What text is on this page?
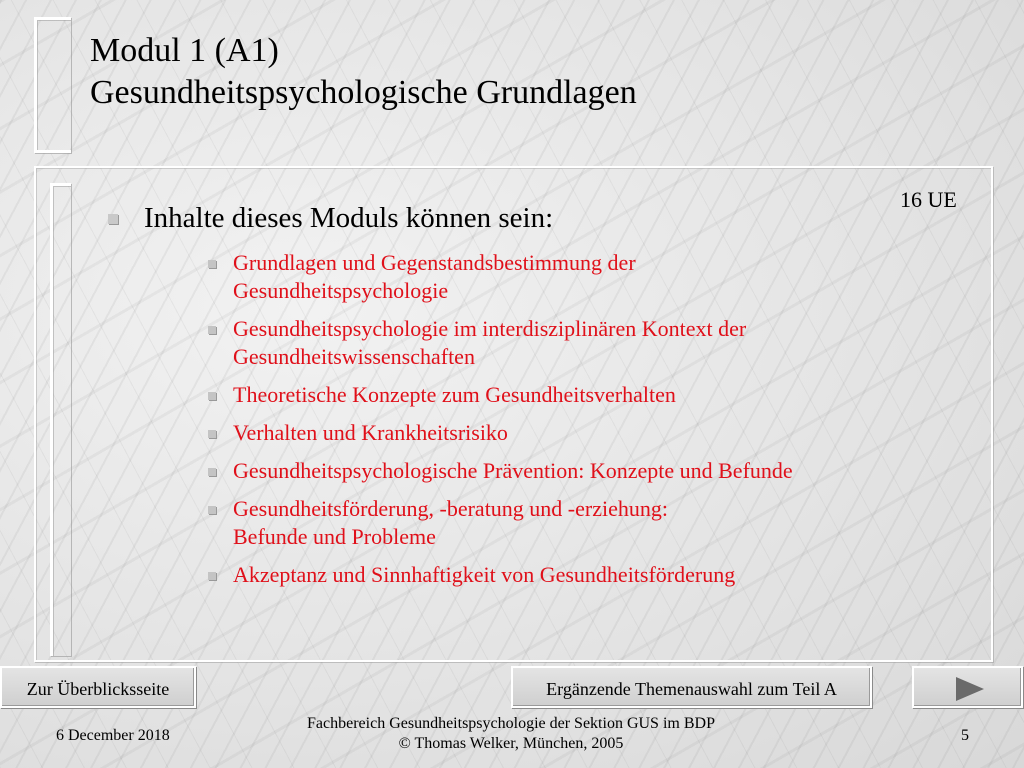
Modul 1 (A1)
Gesundheitspsychologische Grundlagen
16 UE
Inhalte dieses Moduls können sein:
Grundlagen und Gegenstandsbestimmung der
Gesundheitspsychologie
Gesundheitspsychologie im interdisziplinären Kontext der
Gesundheitswissenschaften
Theoretische Konzepte zum Gesundheitsverhalten
Verhalten und Krankheitsrisiko
Gesundheitspsychologische Prävention: Konzepte und Befunde
Gesundheitsförderung, -beratung und -erziehung:
Befunde und Probleme
Akzeptanz und Sinnhaftigkeit von Gesundheitsförderung
Zur Überblicksseite	Ergänzende Themenauswahl zum Teil A
6 December 2018
Fachbereich Gesundheitspsychologie der Sektion GUS im BDP
© Thomas Welker, München, 2005	5
